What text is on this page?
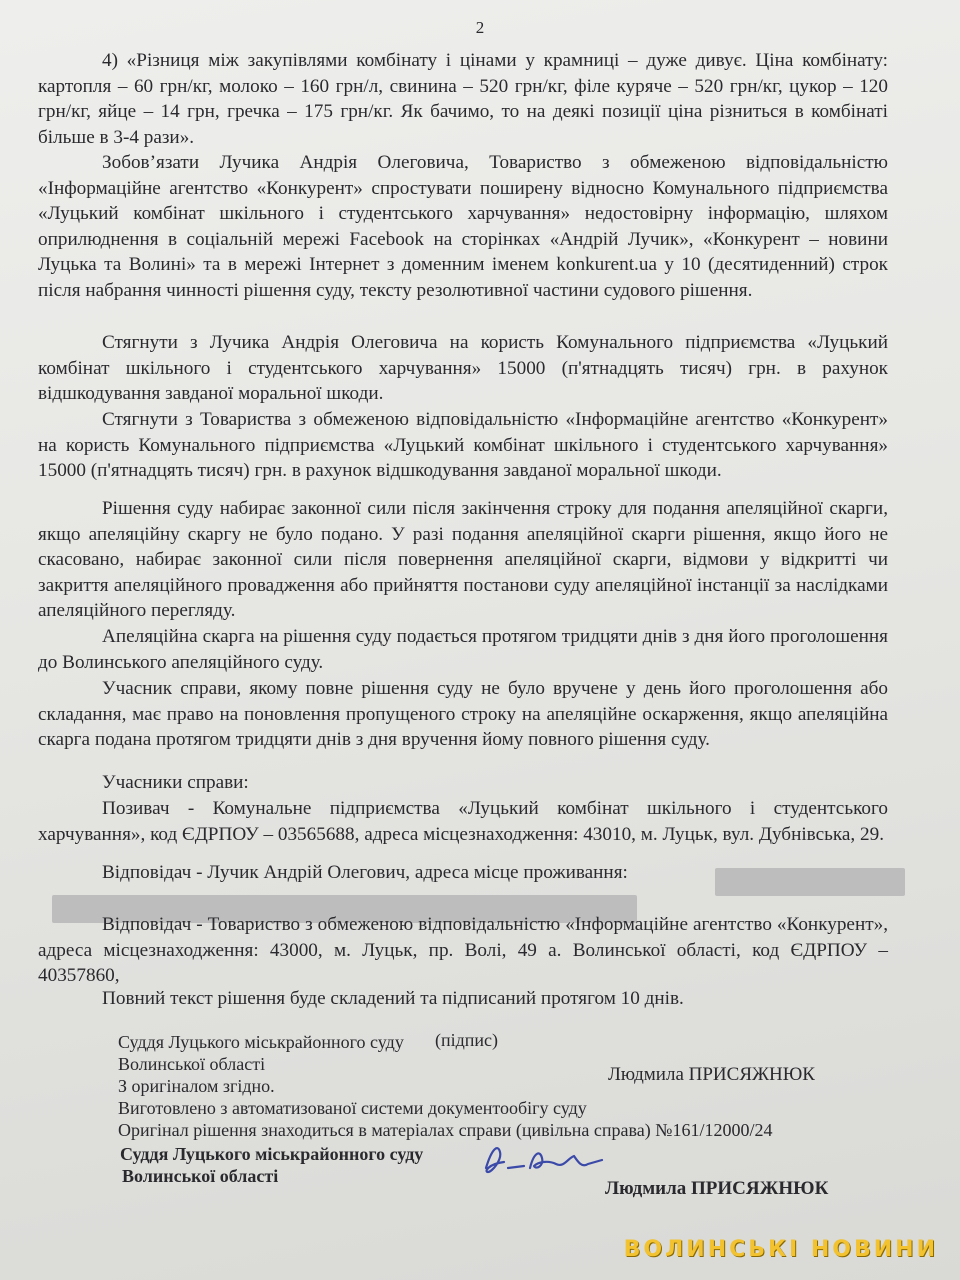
2

4) «Різниця між закупівлями комбінату і цінами у крамниці – дуже дивує. Ціна комбінату: картопля – 60 грн/кг, молоко – 160 грн/л, свинина – 520 грн/кг, філе куряче – 520 грн/кг, цукор – 120 грн/кг, яйце – 14 грн, гречка – 175 грн/кг. Як бачимо, то на деякі позиції ціна різниться в комбінаті більше в 3-4 рази».

Зобов’язати Лучика Андрія Олеговича, Товариство з обмеженою відповідальністю «Інформаційне агентство «Конкурент» спростувати поширену відносно Комунального підприємства «Луцький комбінат шкільного і студентського харчування» недостовірну інформацію, шляхом оприлюднення в соціальній мережі Facebook на сторінках «Андрій Лучик», «Конкурент – новини Луцька та Волині» та в мережі Інтернет з доменним іменем konkurent.ua у 10 (десятиденний) строк після набрання чинності рішення суду, тексту резолютивної частини судового рішення.

Стягнути з Лучика Андрія Олеговича на користь Комунального підприємства «Луцький комбінат шкільного і студентського харчування» 15000 (п'ятнадцять тисяч) грн. в рахунок відшкодування завданої моральної шкоди.

Стягнути з Товариства з обмеженою відповідальністю «Інформаційне агентство «Конкурент» на користь Комунального підприємства «Луцький комбінат шкільного і студентського харчування» 15000 (п'ятнадцять тисяч) грн. в рахунок відшкодування завданої моральної шкоди.

Рішення суду набирає законної сили після закінчення строку для подання апеляційної скарги, якщо апеляційну скаргу не було подано. У разі подання апеляційної скарги рішення, якщо його не скасовано, набирає законної сили після повернення апеляційної скарги, відмови у відкритті чи закриття апеляційного провадження або прийняття постанови суду апеляційної інстанції за наслідками апеляційного перегляду.

Апеляційна скарга на рішення суду подається протягом тридцяти днів з дня його проголошення до Волинського апеляційного суду.

Учасник справи, якому повне рішення суду не було вручене у день його проголошення або складання, має право на поновлення пропущеного строку на апеляційне оскарження, якщо апеляційна скарга подана протягом тридцяти днів з дня вручення йому повного рішення суду.

Учасники справи:

Позивач - Комунальне підприємства «Луцький комбінат шкільного і студентського харчування», код ЄДРПОУ – 03565688, адреса місцезнаходження: 43010, м. Луцьк, вул. Дубнівська, 29.

Відповідач - Лучик Андрій Олегович, адреса місце проживання:

Відповідач - Товариство з обмеженою відповідальністю «Інформаційне агентство «Конкурент», адреса місцезнаходження: 43000, м. Луцьк, пр. Волі, 49 а. Волинської області, код ЄДРПОУ – 40357860,

Повний текст рішення буде складений та підписаний протягом 10 днів.
Суддя Луцького міськрайонного суду (підпис)
Волинської області	Людмила ПРИСЯЖНЮК
З оригіналом згідно.
Виготовлено з автоматизованої системи документообігу суду
Оригінал рішення знаходиться в матеріалах справи (цивільна справа) №161/12000/24
Суддя Луцького міськрайонного суду
Волинської області
Людмила ПРИСЯЖНЮК
ВОЛИНСЬКІ НОВИНИ
